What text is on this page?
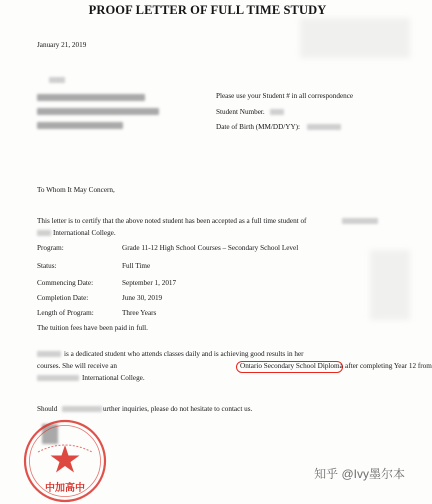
PROOF LETTER OF FULL TIME STUDY
January 21, 2019
Please use your Student # in all correspondence
Student Number.
Date of Birth (MM/DD/YY):
To Whom It May Concern,
This letter is to certify that the above noted student has been accepted as a full time student of
International College.
Program:	Grade 11-12 High School Courses – Secondary School Level
Status:	Full Time
Commencing Date:	September 1, 2017
Completion Date:	June 30, 2019
Length of Program:	Three Years
The tuition fees have been paid in full.
is a dedicated student who attends classes daily and is achieving good results in her
courses. She will receive an	Ontario Secondary School Diploma after completing Year 12 from
International College.
Should	urther inquiries, please do not hesitate to contact us.
中加高中
知乎 @Ivy墨尔本
